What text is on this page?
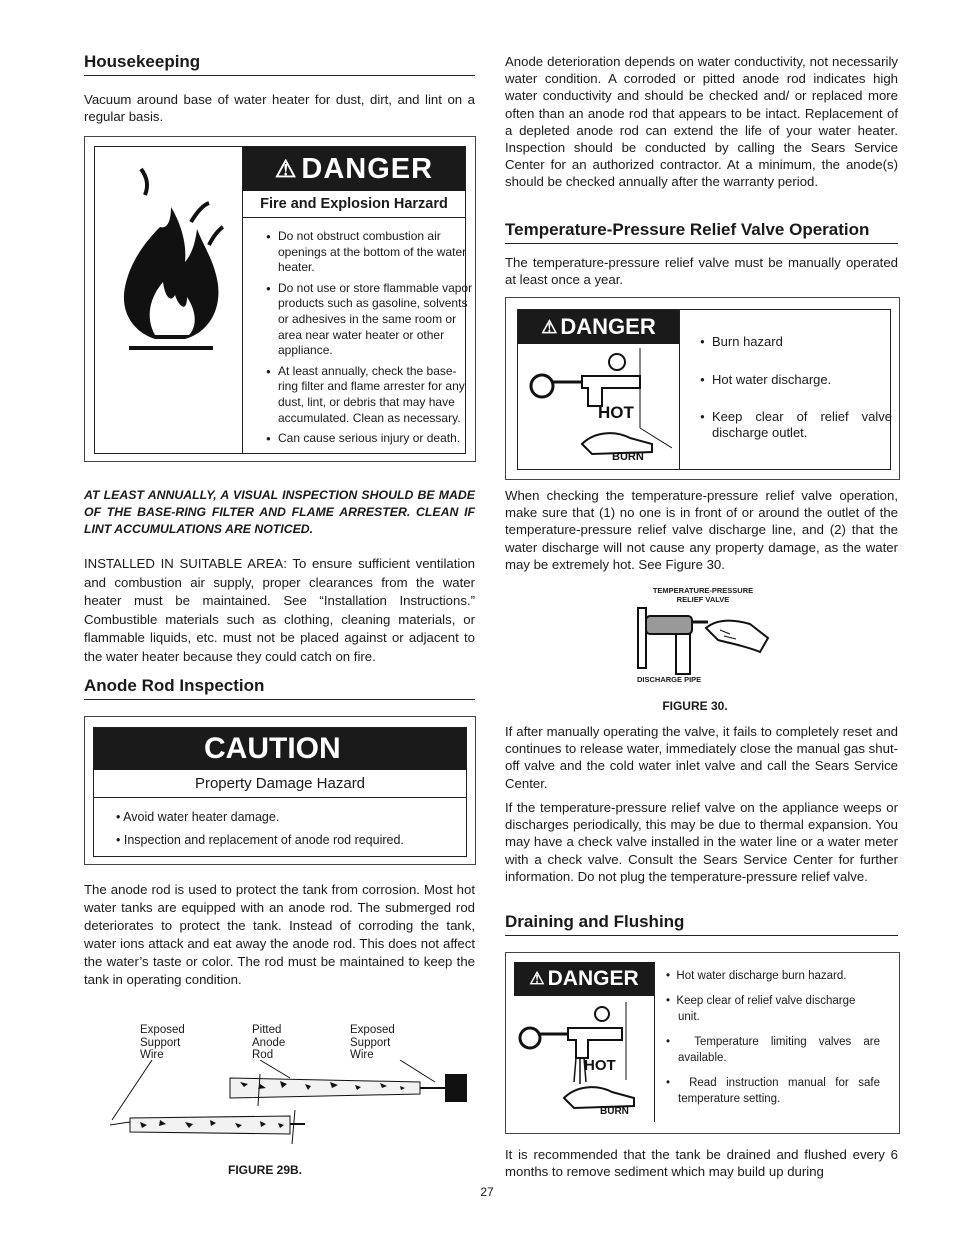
Housekeeping
Vacuum around base of water heater for dust, dirt, and lint on a regular basis.
⚠ DANGER
Fire and Explosion Harzard
● Do not obstruct combustion air openings at the bottom of the water heater.
● Do not use or store flammable vapor products such as gasoline, solvents or adhesives in the same room or area near water heater or other appliance.
● At least annually, check the base-ring filter and flame arrester for any dust, lint, or debris that may have accumulated. Clean as necessary.
● Can cause serious injury or death.
AT LEAST ANNUALLY, A VISUAL INSPECTION SHOULD BE MADE OF THE BASE-RING FILTER AND FLAME ARRESTER. CLEAN IF LINT ACCUMULATIONS ARE NOTICED.
INSTALLED IN SUITABLE AREA: To ensure sufficient ventilation and combustion air supply, proper clearances from the water heater must be maintained. See “Installation Instructions.” Combustible materials such as clothing, cleaning materials, or flammable liquids, etc. must not be placed against or adjacent to the water heater because they could catch on fire.
Anode Rod Inspection
CAUTION
Property Damage Hazard
• Avoid water heater damage.
• Inspection and replacement of anode rod required.
The anode rod is used to protect the tank from corrosion. Most hot water tanks are equipped with an anode rod. The submerged rod deteriorates to protect the tank. Instead of corroding the tank, water ions attack and eat away the anode rod. This does not affect the water’s taste or color. The rod must be maintained to keep the tank in operating condition.
Exposed Support Wire
Pitted Anode Rod
Exposed Support Wire
FIGURE 29B.
Anode deterioration depends on water conductivity, not necessarily water condition. A corroded or pitted anode rod indicates high water conductivity and should be checked and/ or replaced more often than an anode rod that appears to be intact. Replacement of a depleted anode rod can extend the life of your water heater. Inspection should be conducted by calling the Sears Service Center for an authorized contractor. At a minimum, the anode(s) should be checked annually after the warranty period.
Temperature-Pressure Relief Valve Operation
The temperature-pressure relief valve must be manually operated at least once a year.
⚠ DANGER
HOT
BURN
● Burn hazard
● Hot water discharge.
● Keep clear of relief valve discharge outlet.
When checking the temperature-pressure relief valve operation, make sure that (1) no one is in front of or around the outlet of the temperature-pressure relief valve discharge line, and (2) that the water discharge will not cause any property damage, as the water may be extremely hot. See Figure 30.
TEMPERATURE-PRESSURE RELIEF VALVE
DISCHARGE PIPE
FIGURE 30.
If after manually operating the valve, it fails to completely reset and continues to release water, immediately close the manual gas shut-off valve and the cold water inlet valve and call the Sears Service Center.
If the temperature-pressure relief valve on the appliance weeps or discharges periodically, this may be due to thermal expansion. You may have a check valve installed in the water line or a water meter with a check valve. Consult the Sears Service Center for further information. Do not plug the temperature-pressure relief valve.
Draining and Flushing
⚠ DANGER
HOT
BURN
•  Hot water discharge burn hazard.
•  Keep clear of relief valve discharge unit.
•  Temperature limiting valves are available.
•  Read instruction manual for safe temperature setting.
It is recommended that the tank be drained and flushed every 6 months to remove sediment which may build up during
27
